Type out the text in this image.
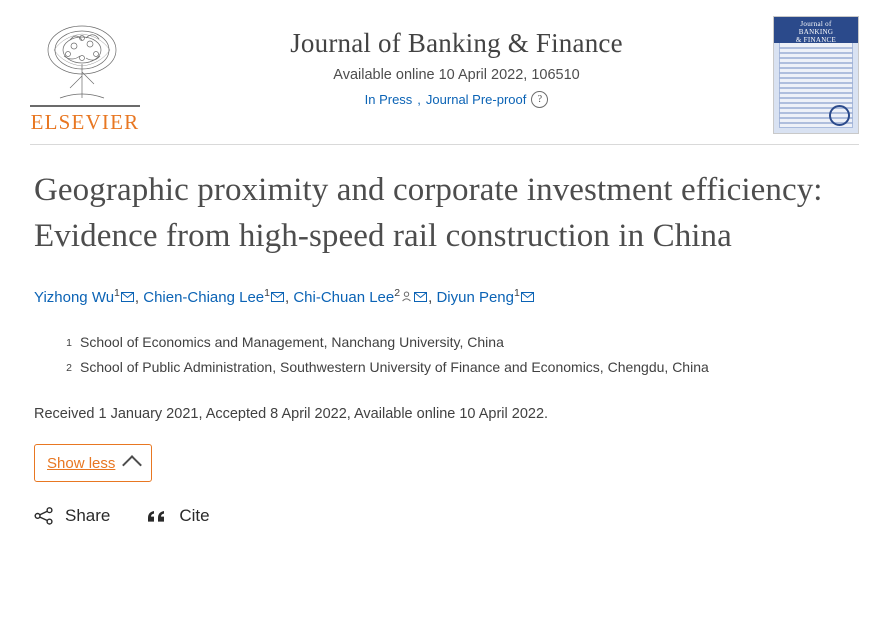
ELSEVIER
Journal of Banking & Finance
Available online 10 April 2022, 106510
In Press , Journal Pre-proof	?
Journal of
BANKING
& FINANCE
Geographic proximity and corporate investment efficiency: Evidence from high-speed rail construction in China
Yizhong Wu$^1$ , Chien-Chiang Lee$^1$ , Chi-Chuan Lee$^2$ , Diyun Peng$^1$
1 School of Economics and Management, Nanchang University, China
2 School of Public Administration, Southwestern University of Finance and Economics, Chengdu, China
Received 1 January 2021, Accepted 8 April 2022, Available online 10 April 2022.
Show less
Share	Cite
